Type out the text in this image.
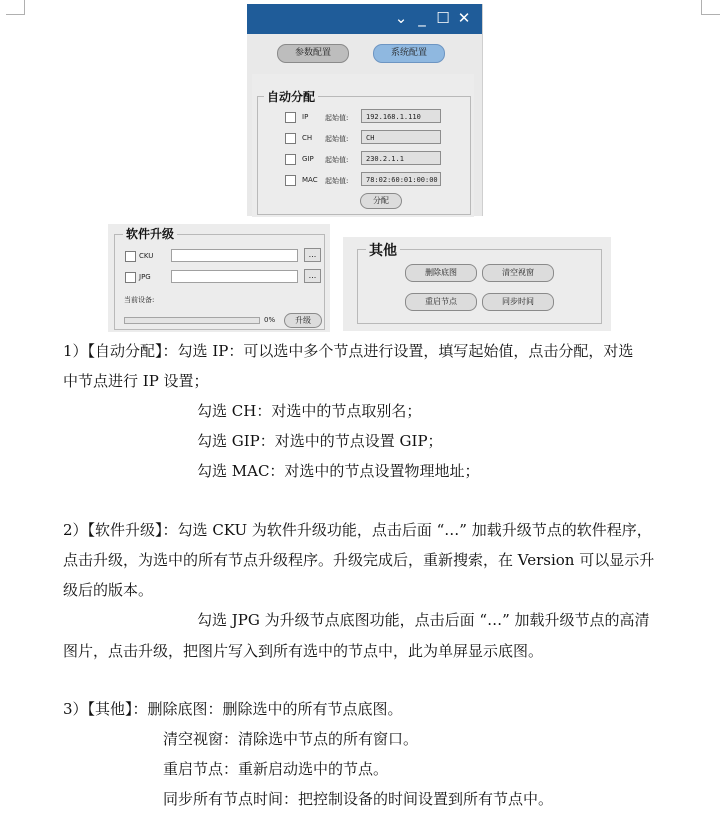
⌄ _ ☐ ✕
参数配置	系统配置
自动分配
IP 起始值:	192.168.1.110
CH 起始值:	CH
GIP 起始值:	230.2.1.1
MAC 起始值:	78:02:60:01:00:00
分配
软件升级
CKU	...
JPG	...
当前设备:
0%	升级
其他
删除底图	清空视窗
重启节点	同步时间
1）【自动分配】：勾选 IP：可以选中多个节点进行设置，填写起始值，点击分配，对选
中节点进行 IP 设置；
勾选 CH：对选中的节点取别名；
勾选 GIP：对选中的节点设置 GIP；
勾选 MAC：对选中的节点设置物理地址；
2）【软件升级】：勾选 CKU 为软件升级功能，点击后面 “…” 加载升级节点的软件程序，
点击升级，为选中的所有节点升级程序。升级完成后，重新搜索，在 Version 可以显示升
级后的版本。
勾选 JPG 为升级节点底图功能，点击后面 “…” 加载升级节点的高清
图片，点击升级，把图片写入到所有选中的节点中，此为单屏显示底图。
3）【其他】：删除底图：删除选中的所有节点底图。
清空视窗：清除选中节点的所有窗口。
重启节点：重新启动选中的节点。
同步所有节点时间：把控制设备的时间设置到所有节点中。
